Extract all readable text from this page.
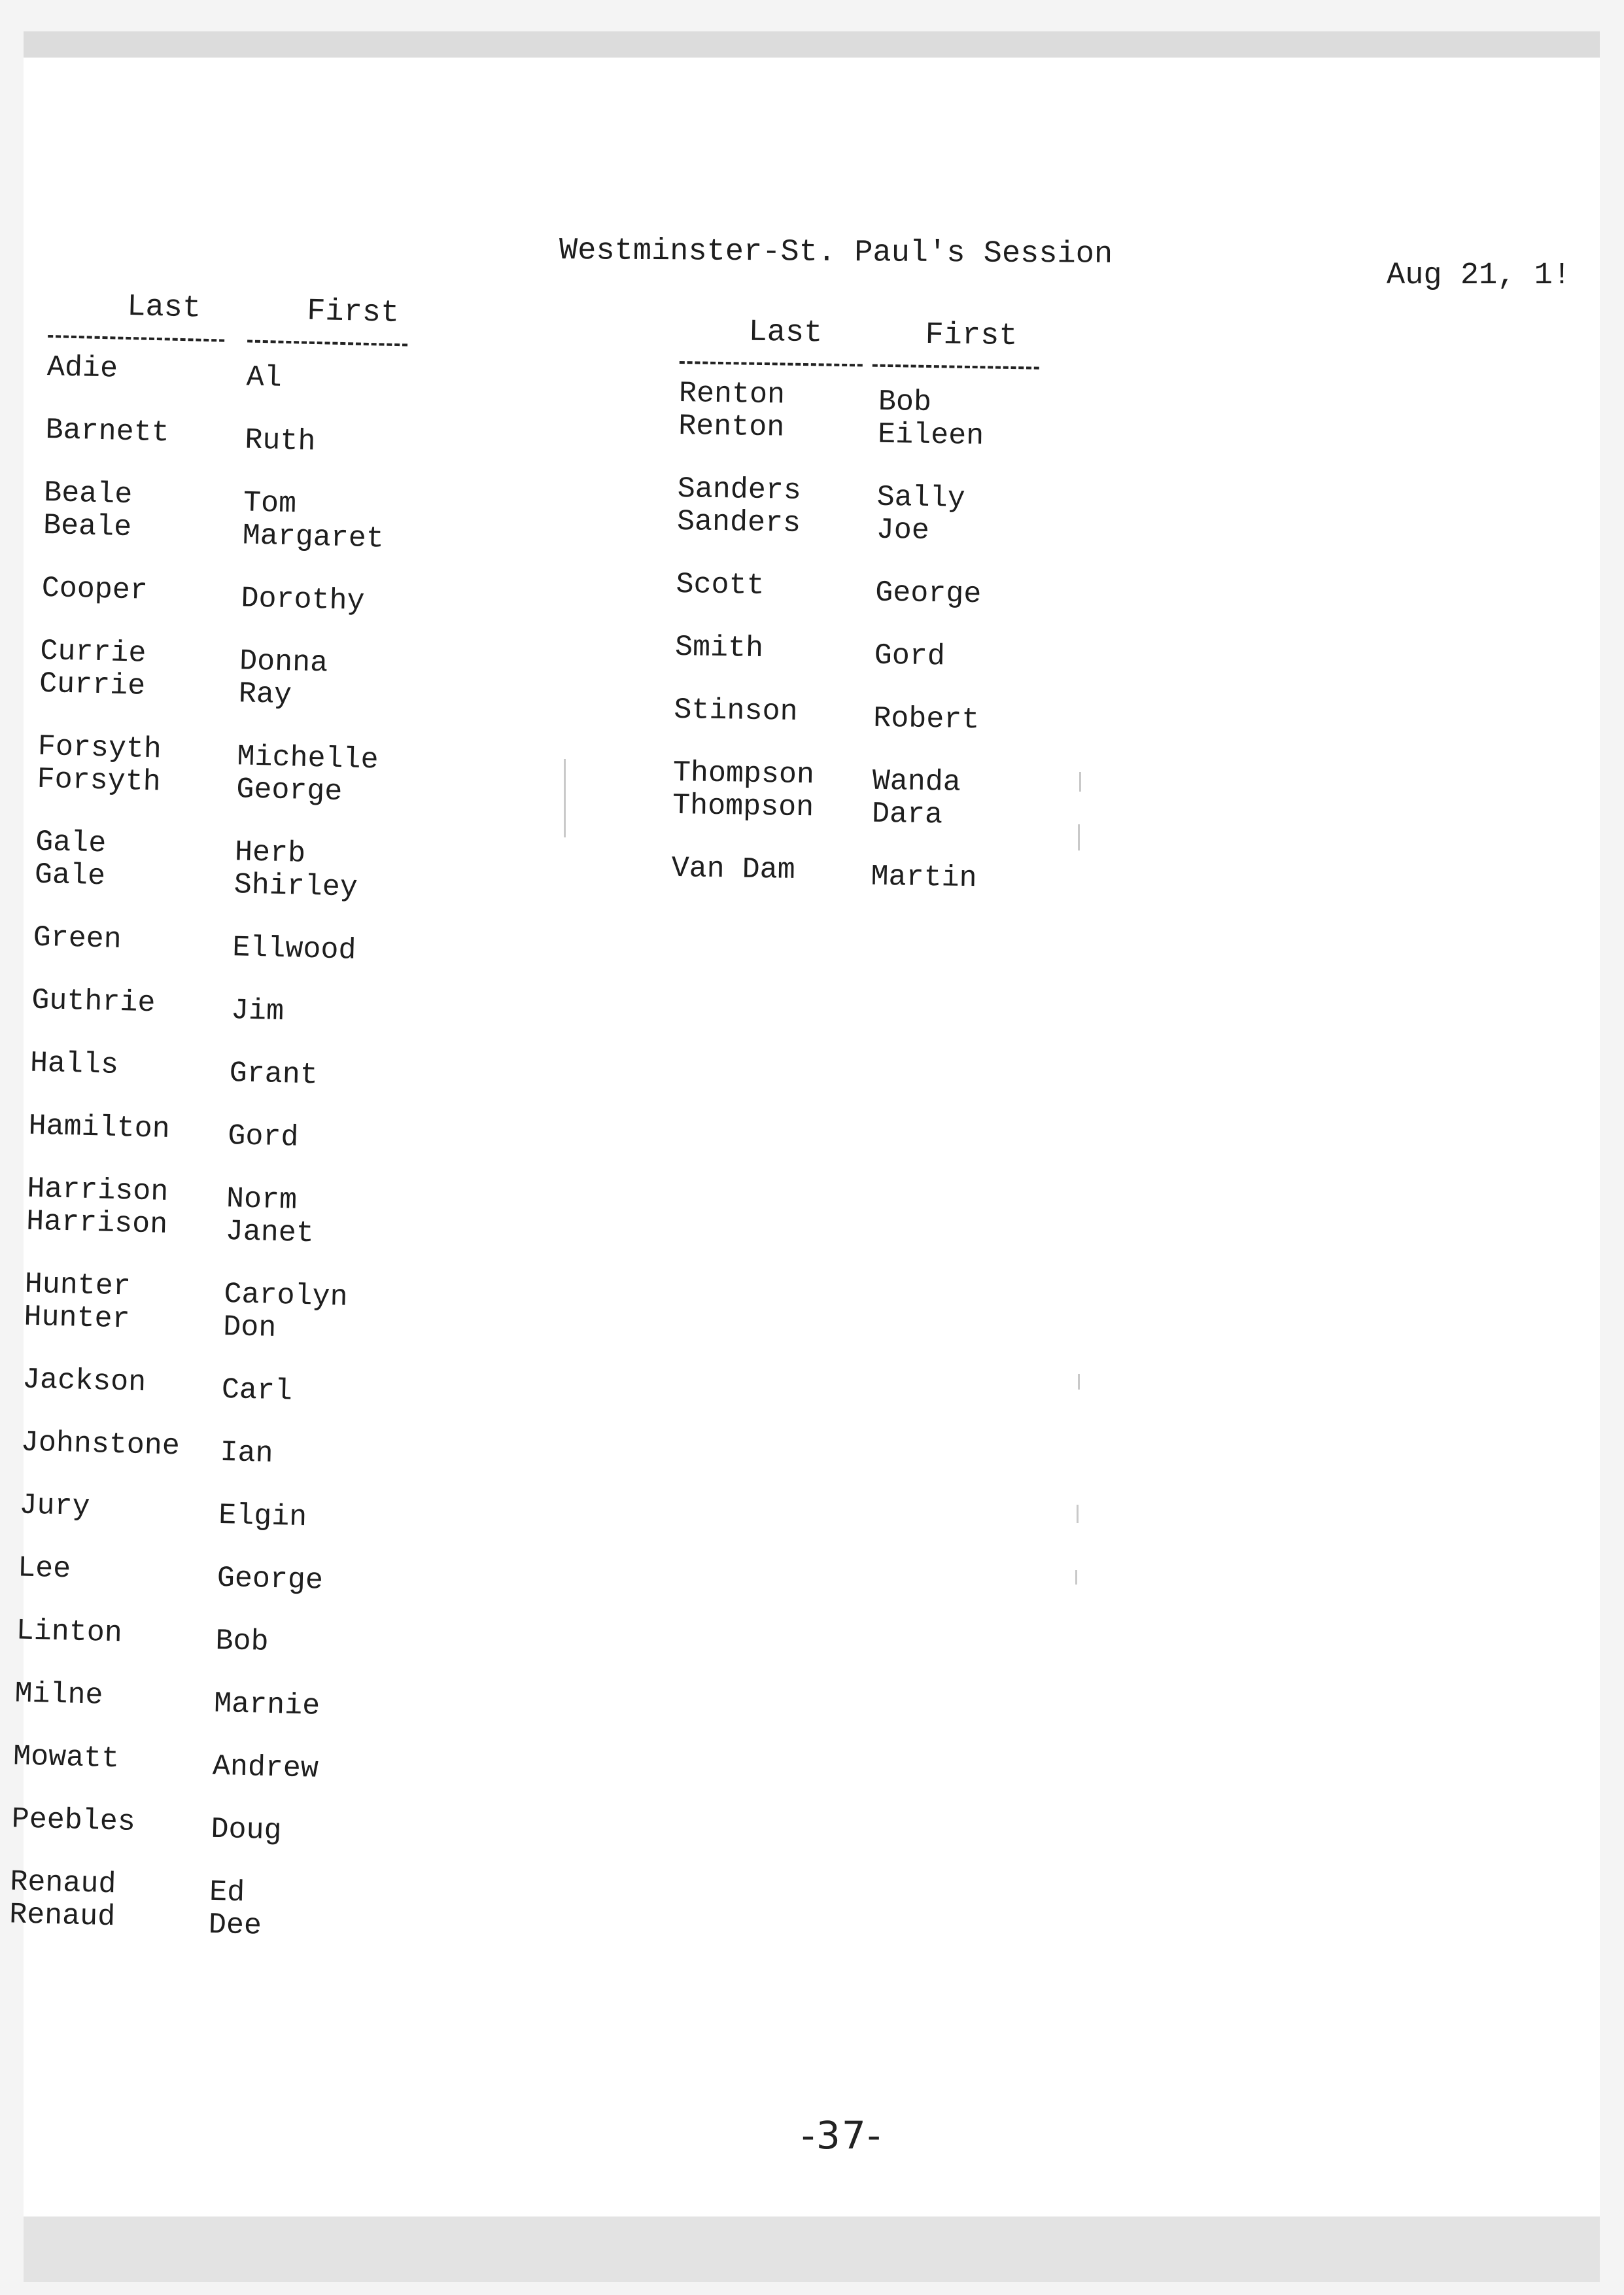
Westminster-St. Paul's Session
Aug 21, 1!
Last	First
Adie	Al
Barnett	Ruth
Beale	Tom
Beale	Margaret
Cooper	Dorothy
Currie	Donna
Currie	Ray
Forsyth	Michelle
Forsyth	George
Gale	Herb
Gale	Shirley
Green	Ellwood
Guthrie	Jim
Halls	Grant
Hamilton Gord
Harrison Norm
Harrison Janet
Hunter	Carolyn
Hunter	Don
Jackson	Carl
Johnstone Ian
Jury	Elgin
Lee	George
Linton	Bob
Milne	Marnie
Mowatt	Andrew
Peebles	Doug
Renaud	Ed
Renaud	Dee
Last	First
Renton	Bob
Renton	Eileen
Sanders	Sally
Sanders	Joe
Scott	George
Smith	Gord
Stinson	Robert
Thompson Wanda
Thompson Dara
Van Dam	Martin
-37-
